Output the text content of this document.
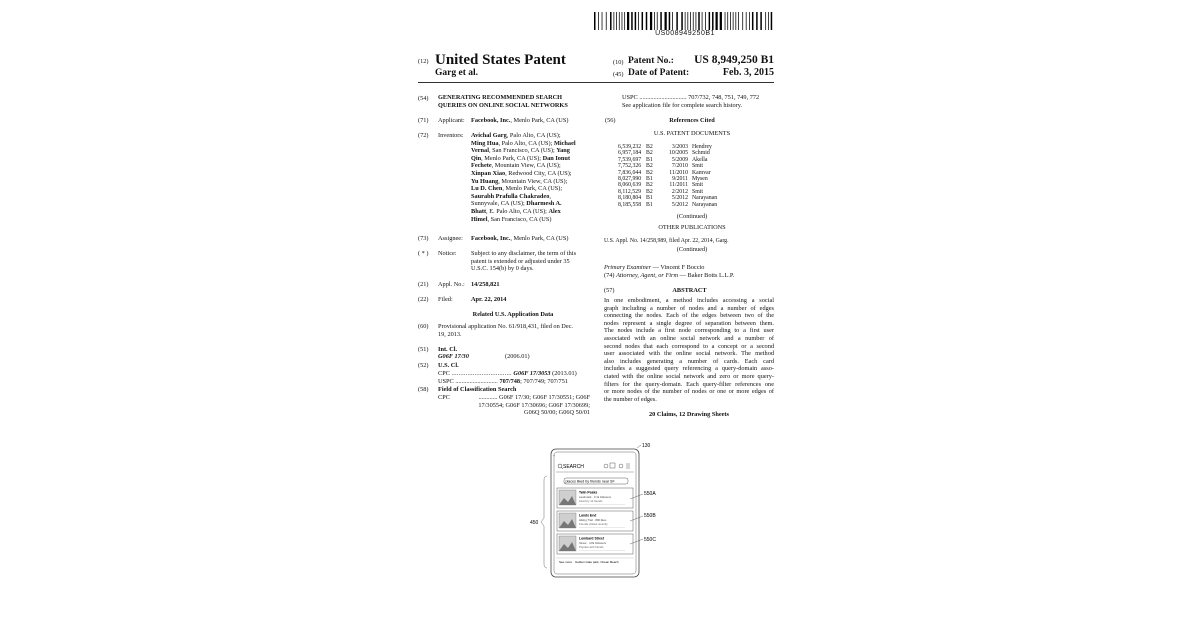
US008949250B1
(12) United States Patent
Garg et al.
(10) Patent No.:	US 8,949,250 B1
(45) Date of Patent:	Feb. 3, 2015
(54)	GENERATING RECOMMENDED SEARCH QUERIES ON ONLINE SOCIAL NETWORKS
(71)	Applicant: Facebook, Inc., Menlo Park, CA (US)
(72)	Inventors: Avichal Garg, Palo Alto, CA (US);
Ming Hua, Palo Alto, CA (US); Michael
Vernal, San Francisco, CA (US); Yang
Qin, Menlo Park, CA (US); Dan Ionut
Fechete, Mountain View, CA (US);
Xinpan Xiao, Redwood City, CA (US);
Yu Huang, Mountain View, CA (US);
Lu D. Chen, Menlo Park, CA (US);
Saurabh Prafulla Chakradeo,
Sunnyvale, CA (US); Dharmesh A.
Bhatt, E. Palo Alto, CA (US); Alex
Himel, San Francisco, CA (US)
(73)	Assignee: Facebook, Inc., Menlo Park, CA (US)
( * )	Notice: Subject to any disclaimer, the term of this
patent is extended or adjusted under 35
U.S.C. 154(b) by 0 days.
(21)	Appl. No.: 14/258,821
(22)	Filed:	Apr. 22, 2014
Related U.S. Application Data
(60)	Provisional application No. 61/918,431, filed on Dec.
19, 2013.
(51)	Int. Cl.
G06F 17/30	(2006.01)
(52)	U.S. Cl.
CPC .................................. G06F 17/3053 (2013.01)
USPC ........................... 707/748; 707/749; 707/751
(58)	Field of Classification Search
CPC	............ G06F 17/30; G06F 17/30551; G06F
17/30554; G06F 17/30696; G06F 17/30699;
G06Q 50/00; G06Q 50/01
USPC .............................. 707/732, 748, 751, 749, 772
See application file for complete search history.
(56)	References Cited
U.S. PATENT DOCUMENTS
6,539,232 B2	3/2003 Hendrey
6,957,184 B2	10/2005 Schmid
7,539,697 B1	5/2009 Akella
7,752,326 B2	7/2010 Smit
7,836,044 B2	11/2010 Kamvar
8,027,990 B1	9/2011 Mysen
8,060,639 B2	11/2011 Smit
8,112,529 B2	2/2012 Smit
8,180,804 B1	5/2012 Narayanan
8,185,558 B1	5/2012 Narayanan
(Continued)
OTHER PUBLICATIONS
U.S. Appl. No. 14/258,989, filed Apr. 22, 2014, Garg.
(Continued)
Primary Examiner — Vincent F Boccio
(74) Attorney, Agent, or Firm — Baker Botts L.L.P.
(57)	ABSTRACT
In one embodiment, a method includes accessing a social
graph including a number of nodes and a number of edges
connecting the nodes. Each of the edges between two of the
nodes represent a single degree of separation between them.
The nodes include a first node corresponding to a first user
associated with an online social network and a number of
second nodes that each correspond to a concept or a second
user associated with the online social network. The method
also includes generating a number of cards. Each card
includes a suggested query referencing a query-domain asso-
ciated with the online social network and zero or more query-
filters for the query-domain. Each query-filter references one
or more nodes of the number of nodes or one or more edges of
the number of edges.
20 Claims, 12 Drawing Sheets
130
SEARCH
places liked by friends near SF
Twin Peaks
Landmark · 3.1k followers
Liked by 12 friends
Lands End
Hiking Trail · 890 likes
Friends visited recently
Lombard Street
Street · 4.8k followers
Popular with friends
See more Golden Gate park, Ocean Beach
450
550A
550B
550C
